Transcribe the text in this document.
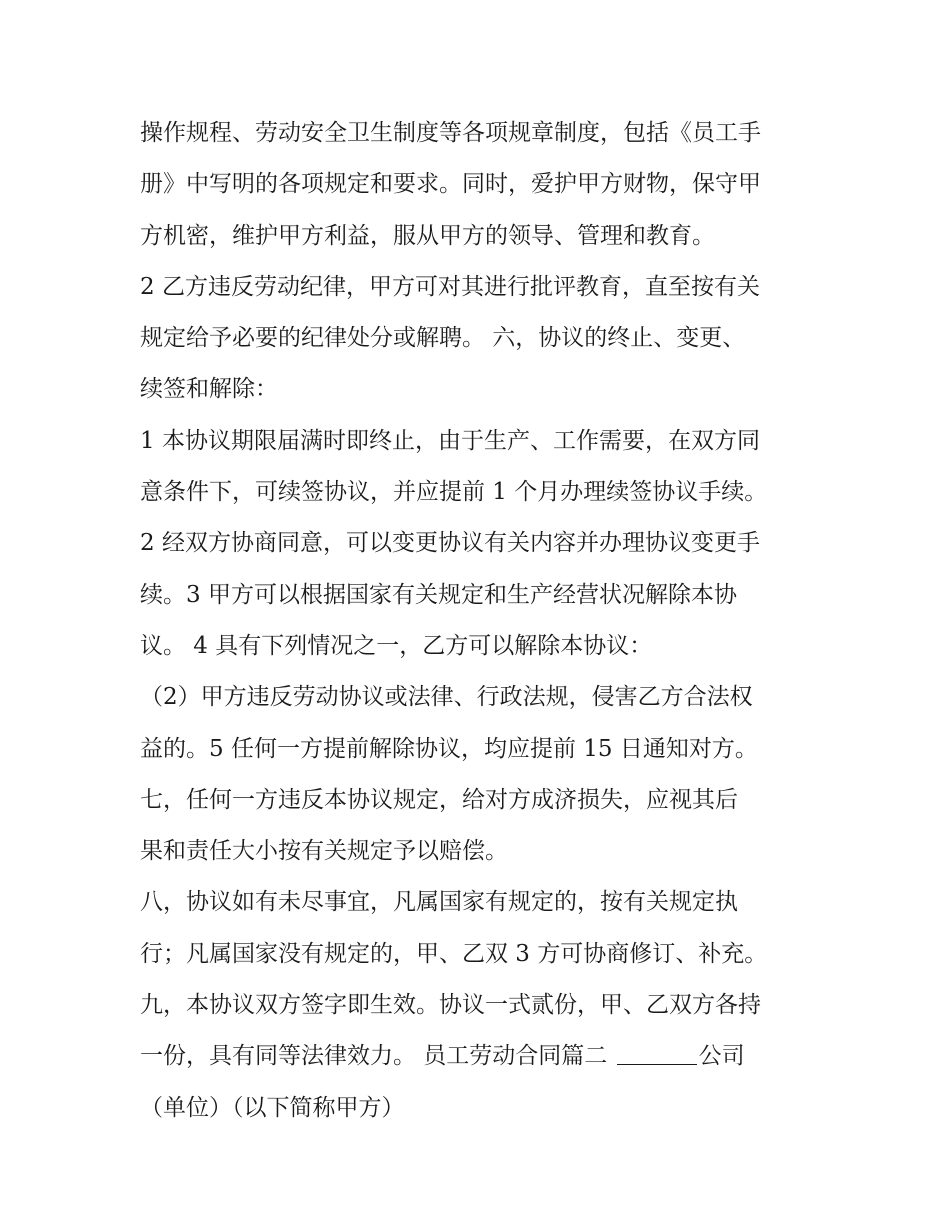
操作规程、劳动安全卫生制度等各项规章制度，包括《员工手
册》中写明的各项规定和要求。同时，爱护甲方财物，保守甲
方机密，维护甲方利益，服从甲方的领导、管理和教育。
2 乙方违反劳动纪律，甲方可对其进行批评教育，直至按有关
规定给予必要的纪律处分或解聘。 六，协议的终止、变更、
续签和解除：
1 本协议期限届满时即终止，由于生产、工作需要，在双方同
意条件下，可续签协议，并应提前 1 个月办理续签协议手续。
2 经双方协商同意，可以变更协议有关内容并办理协议变更手
续。3 甲方可以根据国家有关规定和生产经营状况解除本协
议。 4 具有下列情况之一，乙方可以解除本协议：
（2）甲方违反劳动协议或法律、行政法规，侵害乙方合法权
益的。5 任何一方提前解除协议，均应提前 15 日通知对方。
七，任何一方违反本协议规定，给对方成济损失，应视其后
果和责任大小按有关规定予以赔偿。
八，协议如有未尽事宜，凡属国家有规定的，按有关规定执
行；凡属国家没有规定的，甲、乙双 3 方可协商修订、补充。
九，本协议双方签字即生效。协议一式贰份，甲、乙双方各持
一份，具有同等法律效力。 员工劳动合同篇二	公司
（单位）（以下简称甲方）
